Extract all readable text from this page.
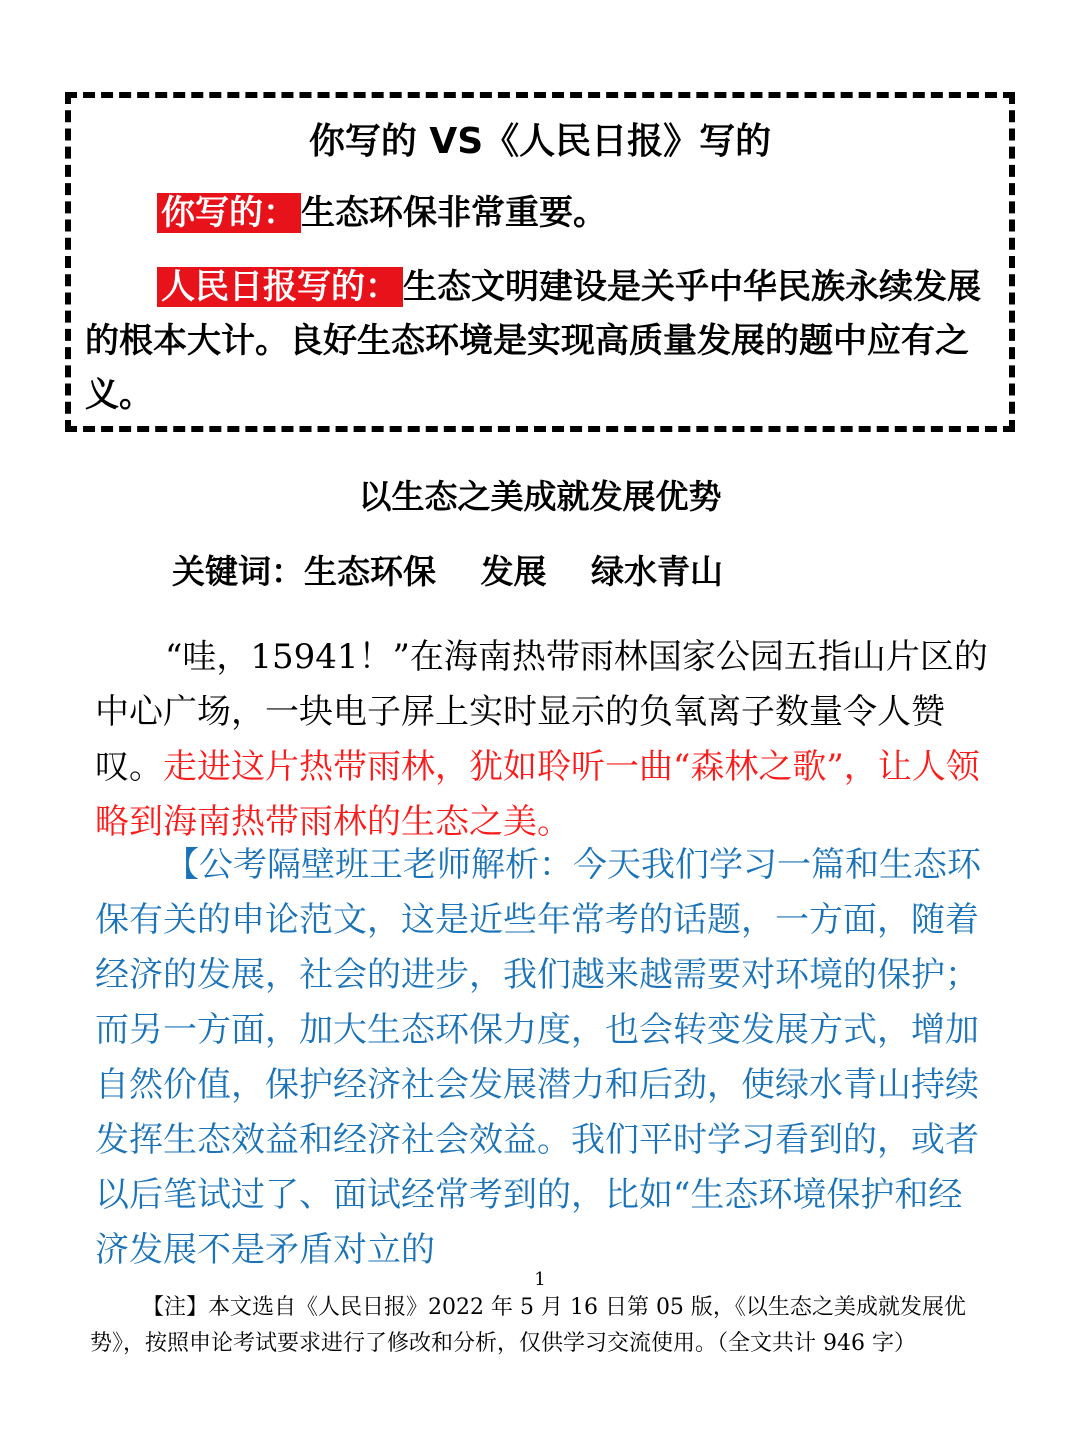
你写的 VS《人民日报》写的
你写的： 生态环保非常重要。
人民日报写的： 生态文明建设是关乎中华民族永续发展的根本大计。良好生态环境是实现高质量发展的题中应有之义。
以生态之美成就发展优势
关键词：生态环保　 发展　 绿水青山
“哇，15941！”在海南热带雨林国家公园五指山片区的中心广场，一块电子屏上实时显示的负氧离子数量令人赞叹。走进这片热带雨林，犹如聆听一曲“森林之歌”，让人领略到海南热带雨林的生态之美。
【公考隔壁班王老师解析：今天我们学习一篇和生态环保有关的申论范文，这是近些年常考的话题，一方面，随着经济的发展，社会的进步，我们越来越需要对环境的保护；而另一方面，加大生态环保力度，也会转变发展方式，增加自然价值，保护经济社会发展潜力和后劲，使绿水青山持续发挥生态效益和经济社会效益。我们平时学习看到的，或者以后笔试过了、面试经常考到的，比如“生态环境保护和经济发展不是矛盾对立的
1
【注】本文选自《人民日报》2022 年 5 月 16 日第 05 版，《以生态之美成就发展优势》，按照申论考试要求进行了修改和分析，仅供学习交流使用。（全文共计 946 字）
